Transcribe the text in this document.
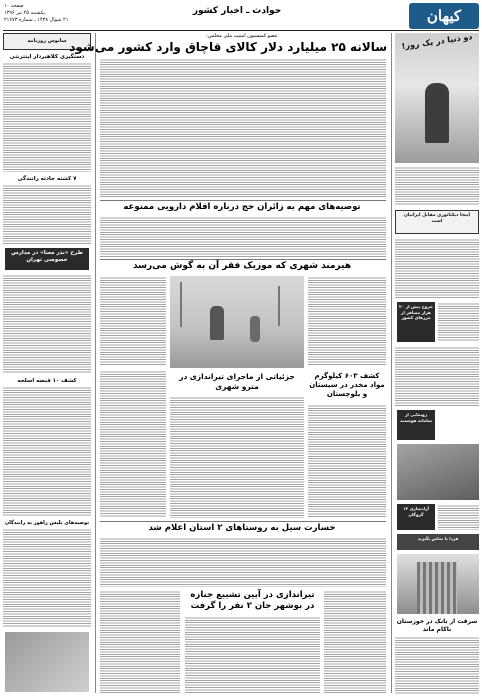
کیهان
حوادث ـ اخبار کشور
صفحه ۱۰
یکشنبه ۲۵ تیر ۱۳۹۶
۲۱ شوال ۱۴۳۸ ـ شماره ۲۱۶۷۳
ساتوس روزنامه
عضو کمیسیون امنیت ملی مجلس:
سالانه ۲۵ میلیارد دلار کالای قاچاق وارد کشور می‌شود
توصیه‌های مهم به زائران حج درباره اقلام دارویی ممنوعه
هیرمند شهری که موزیک فقر آن به گوش می‌رسد
جزئیاتی از ماجرای تیراندازی در مترو شهری
کشف ۶۰۳ کیلوگرم مواد مخدر در سیستان و بلوچستان
خسارت سیل به روستاهای ۲ استان اعلام شد
تیراندازی در آیین تشییع جنازه در بوشهر جان ۲ نفر را گرفت
دستگیری کلاهبردار اینترنتی
۷ کشته حادثه رانندگی
طرح «نذر معنا» در مدارس خصوصی تهران
کشف ۱۰ قبضه اسلحه
توصیه‌های پلیس راهور به رانندگان
دو دنیا در یک روز!
اینجا دیکتاتوری مقابل ایرانیان است
خروج بیش از ۲۰ هزار مسافر از مرزهای کشور
رونمایی از سامانه هوشمند
آزادسازی ۱۲ گروگان
فردا با تماس بگیرید
سرقت از بانک در خوزستان ناکام ماند
